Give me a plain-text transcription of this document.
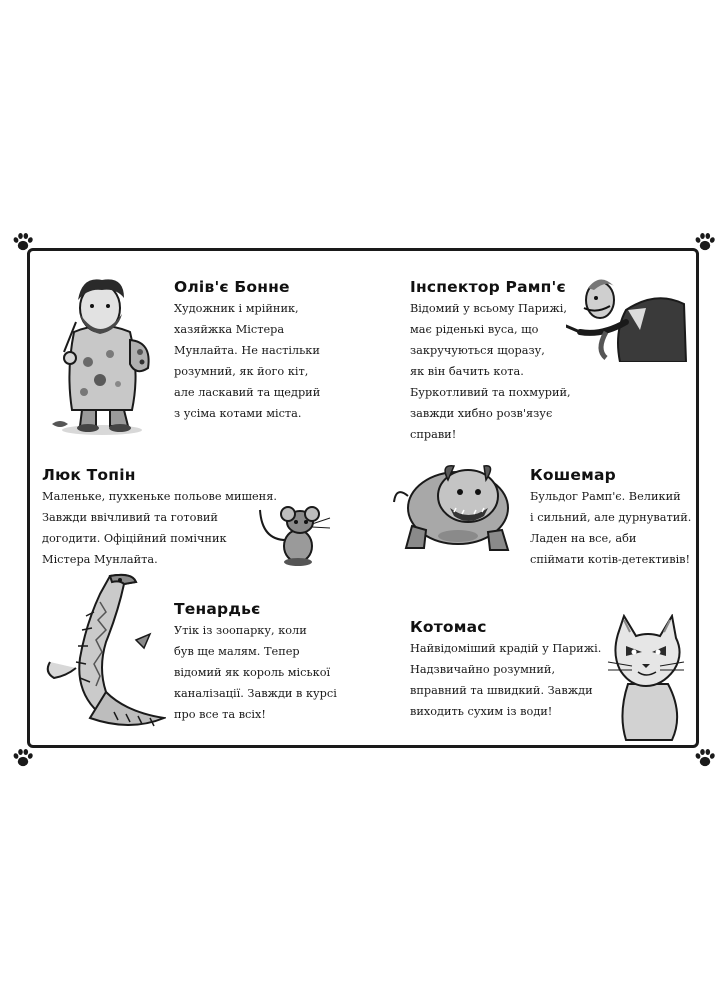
Олів'є Бонне

Художник і мрійник,
хазяйжка Містера
Мунлайта. Не настільки
розумний, як його кіт,
але ласкавий та щедрий
з усіма котами міста.

Інспектор Рамп'є

Відомий у всьому Парижі,
має ріденькі вуса, що
закручуються щоразу,
як він бачить кота.
Буркотливий та похмурий,
завжди хибно розв'язує
справи!

Люк Топін

Маленьке, пухкеньке польове мишеня.
Завжди ввічливий та готовий
догодити. Офіційний помічник
Містера Мунлайта.

Кошемар

Бульдог Рамп'є. Великий
і сильний, але дурнуватий.
Ладен на все, аби
спіймати котів-детективів!

Тенардьє

Утік із зоопарку, коли
був ще малям. Тепер
відомий як король міської
каналізації. Завжди в курсі
про все та всіх!

Котомас

Найвідоміший крадій у Парижі.
Надзвичайно розумний,
вправний та швидкий. Завжди
виходить сухим із води!
